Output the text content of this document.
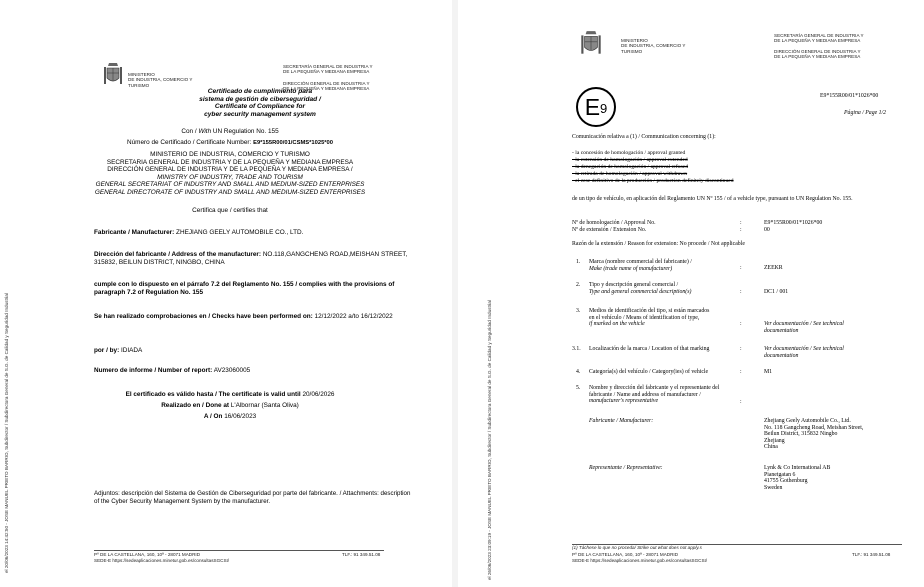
el 20/06/2023 14:42:50 - JOSE MANUEL PRIETO BARRIO, Subdirector / Subdirectora General de S.G. de Calidad y Seguridad Industrial
MINISTERIO
DE INDUSTRIA, COMERCIO Y
TURISMO
SECRETARÍA GENERAL DE INDUSTRIA Y
DE LA PEQUEÑA Y MEDIANA EMPRESA
DIRECCIÓN GENERAL DE INDUSTRIA Y
DE LA PEQUEÑA Y MEDIANA EMPRESA
Certificado de cumplimiento para
sistema de gestión de ciberseguridad /
Certificate of Compliance for
cyber security management system
Con / With UN Regulation No. 155
Número de Certificado / Certificate Number: E9*155R00/01/CSMS*1025*00
MINISTERIO DE INDUSTRIA, COMERCIO Y TURISMO
SECRETARIA GENERAL DE INDUSTRIA Y DE LA PEQUEÑA Y MEDIANA EMPRESA
DIRECCIÓN GENERAL DE INDUSTRIA Y DE LA PEQUEÑA Y MEDIANA EMPRESA /
MINISTRY OF INDUSTRY, TRADE AND TOURISM
GENERAL SECRETARIAT OF INDUSTRY AND SMALL AND MEDIUM-SIZED ENTERPRISES
GENERAL DIRECTORATE OF INDUSTRY AND SMALL AND MEDIUM-SIZED ENTERPRISES
Certifica que / certifies that
Fabricante / Manufacturer: ZHEJIANG GEELY AUTOMOBILE CO., LTD.
Dirección del fabricante / Address of the manufacturer: NO.118,GANGCHENG ROAD,MEISHAN STREET, 315832, BEILUN DISTRICT, NINGBO, CHINA
cumple con lo dispuesto en el párrafo 7.2 del Reglamento No. 155 / complies with the provisions of paragraph 7.2 of Regulation No. 155
Se han realizado comprobaciones en / Checks have been performed on: 12/12/2022 a/to 16/12/2022
por / by: IDIADA
Numero de informe / Number of report: AV23060005
El certificado es válido hasta / The certificate is valid until 20/06/2026
Realizado en / Done at L'Albornar (Santa Oliva)
A / On 16/06/2023
Adjuntos: descripción del Sistema de Gestión de Ciberseguridad por parte del fabricante. / Attachments: description of the Cyber Security Management System by the manufacturer.
Pº DE LA CASTELLANA, 160, 10ª - 28071 MADRID
SEDE-E https://sedeaplicaciones.minetur.gob.es/consultasSGCSI/
TLF.: 91 349.51.08	el 26/06/2023 23:09:19 - JOSE MANUEL PRIETO BARRIO, Subdirector / Subdirectora General de S.G. de Calidad y Seguridad Industrial
MINISTERIO
DE INDUSTRIA, COMERCIO Y
TURISMO
SECRETARÍA GENERAL DE INDUSTRIA Y
DE LA PEQUEÑA Y MEDIANA EMPRESA
DIRECCIÓN GENERAL DE INDUSTRIA Y
DE LA PEQUEÑA Y MEDIANA EMPRESA
E9
E9*155R00/01*1026*00
Página / Page 1/2
Comunicación relativa a (1) / Communication concerning (1):
- la concesión de homologación / approval granted
- la extensión de homologación / approval extended
- la denegación de homologación / approval refused
- la retirada de homologación / approval withdrawn
- el cese definitivo de la producción / production definitely discontinued
de un tipo de vehículo, en aplicación del Reglamento UN Nº 155 / of a vehicle type, pursuant to UN Regulation No. 155.
Nº de homologación / Approval No.	:	E9*155R00/01*1026*00
Nº de extensión / Extension No.	:	00
Razón de la extensión / Reason for extension: No procede / Not applicable
1. Marca (nombre commercial del fabricante) /
Make (trade name of manufacturer)	:	ZEEKR
2. Tipo y descripción general comercial /
Type and general commercial description(s)	:	DC1 / 001
3. Medios de identificación del tipo, si están marcados en el vehículo / Means of identification of type,
if marked on the vehicle	:	Ver documentación / See technical documentation
3.1. Localización de la marca / Location of that marking	:	Ver documentación / See technical documentation
4. Categoría(s) del vehículo / Category(ies) of vehicle	:	M1
5. Nombre y dirección del fabricante y el representante del fabricante / Name and address of manufacturer /
manufacturer's representative	:
Fabricante / Manufacturer:	Zhejiang Geely Automobile Co., Ltd.
No. 118 Gangcheng Road, Meishan Street,
Beilun District, 315832 Ningbo
Zhejiang
China
Representante / Representative:	Lynk & Co International AB
Pianetgatan 6
41755 Gothenburg
Sweden
(1) Táchese lo que no proceda/ Strike out what does not apply.s
Pº DE LA CASTELLANA, 160, 10ª - 28071 MADRID
SEDE-E https://sedeaplicaciones.minetur.gob.es/consultasSGCSI/
TLF.: 91 349.51.08
